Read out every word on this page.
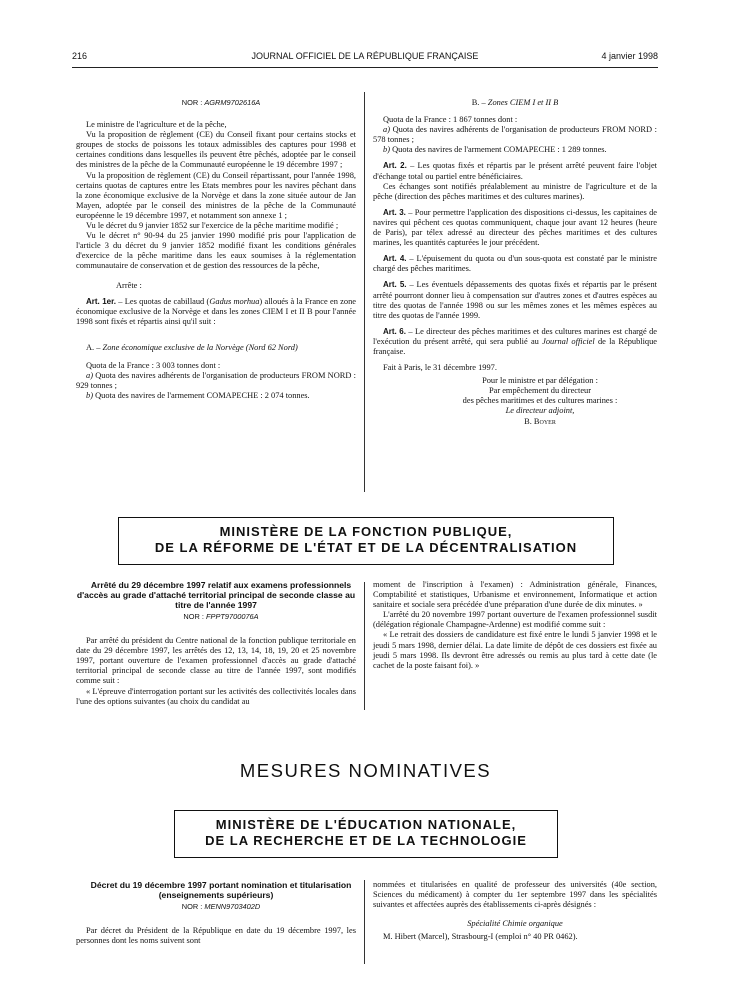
216	JOURNAL OFFICIEL DE LA RÉPUBLIQUE FRANÇAISE	4 janvier 1998

NOR : AGRM9702616A

Le ministre de l'agriculture et de la pêche,

Vu la proposition de règlement (CE) du Conseil fixant pour certains stocks et groupes de stocks de poissons les totaux admissibles des captures pour 1998 et certaines conditions dans lesquelles ils peuvent être pêchés, adoptée par le conseil des ministres de la pêche de la Communauté européenne le 19 décembre 1997 ;

Vu la proposition de règlement (CE) du Conseil répartissant, pour l'année 1998, certains quotas de captures entre les Etats membres pour les navires pêchant dans la zone économique exclusive de la Norvège et dans la zone située autour de Jan Mayen, adoptée par le conseil des ministres de la pêche de la Communauté européenne le 19 décembre 1997, et notamment son annexe 1 ;

Vu le décret du 9 janvier 1852 sur l'exercice de la pêche maritime modifié ;

Vu le décret n° 90-94 du 25 janvier 1990 modifié pris pour l'application de l'article 3 du décret du 9 janvier 1852 modifié fixant les conditions générales d'exercice de la pêche maritime dans les eaux soumises à la réglementation communautaire de conservation et de gestion des ressources de la pêche,

Arrête :

Art. 1er. – Les quotas de cabillaud (Gadus morhua) alloués à la France en zone économique exclusive de la Norvège et dans les zones CIEM I et II B pour l'année 1998 sont fixés et répartis ainsi qu'il suit :

A. – Zone économique exclusive de la Norvège (Nord 62 Nord)

Quota de la France : 3 003 tonnes dont :

a) Quota des navires adhérents de l'organisation de producteurs FROM NORD : 929 tonnes ;

b) Quota des navires de l'armement COMAPECHE : 2 074 tonnes.

B. – Zones CIEM I et II B

Quota de la France : 1 867 tonnes dont :

a) Quota des navires adhérents de l'organisation de producteurs FROM NORD : 578 tonnes ;

b) Quota des navires de l'armement COMAPECHE : 1 289 tonnes.

Art. 2. – Les quotas fixés et répartis par le présent arrêté peuvent faire l'objet d'échange total ou partiel entre bénéficiaires.

Ces échanges sont notifiés préalablement au ministre de l'agriculture et de la pêche (direction des pêches maritimes et des cultures marines).

Art. 3. – Pour permettre l'application des dispositions ci-dessus, les capitaines de navires qui pêchent ces quotas communiquent, chaque jour avant 12 heures (heure de Paris), par télex adressé au directeur des pêches maritimes et des cultures marines, les quantités capturées le jour précédent.

Art. 4. – L'épuisement du quota ou d'un sous-quota est constaté par le ministre chargé des pêches maritimes.

Art. 5. – Les éventuels dépassements des quotas fixés et répartis par le présent arrêté pourront donner lieu à compensation sur d'autres zones et d'autres espèces au titre des quotas de l'année 1998 ou sur les mêmes zones et les mêmes espèces au titre des quotas de l'année 1999.

Art. 6. – Le directeur des pêches maritimes et des cultures marines est chargé de l'exécution du présent arrêté, qui sera publié au Journal officiel de la République française.

Fait à Paris, le 31 décembre 1997.

Pour le ministre et par délégation :

Par empêchement du directeur

des pêches maritimes et des cultures marines :

Le directeur adjoint,

B. Boyer

MINISTÈRE DE LA FONCTION PUBLIQUE,
DE LA RÉFORME DE L'ÉTAT ET DE LA DÉCENTRALISATION

Arrêté du 29 décembre 1997 relatif aux examens professionnels d'accès au grade d'attaché territorial principal de seconde classe au titre de l'année 1997

NOR : FPPT9700076A

Par arrêté du président du Centre national de la fonction publique territoriale en date du 29 décembre 1997, les arrêtés des 12, 13, 14, 18, 19, 20 et 25 novembre 1997, portant ouverture de l'examen professionnel d'accès au grade d'attaché territorial principal de seconde classe au titre de l'année 1997, sont modifiés comme suit :

« L'épreuve d'interrogation portant sur les activités des collectivités locales dans l'une des options suivantes (au choix du candidat au

moment de l'inscription à l'examen) : Administration générale, Finances, Comptabilité et statistiques, Urbanisme et environnement, Informatique et action sanitaire et sociale sera précédée d'une préparation d'une durée de dix minutes. »

L'arrêté du 20 novembre 1997 portant ouverture de l'examen professionnel susdit (délégation régionale Champagne-Ardenne) est modifié comme suit :

« Le retrait des dossiers de candidature est fixé entre le lundi 5 janvier 1998 et le jeudi 5 mars 1998, dernier délai. La date limite de dépôt de ces dossiers est fixée au jeudi 5 mars 1998. Ils devront être adressés ou remis au plus tard à cette date (le cachet de la poste faisant foi). »

MESURES NOMINATIVES
MINISTÈRE DE L'ÉDUCATION NATIONALE,
DE LA RECHERCHE ET DE LA TECHNOLOGIE

Décret du 19 décembre 1997 portant nomination et titularisation (enseignements supérieurs)

NOR : MENN9703402D

Par décret du Président de la République en date du 19 décembre 1997, les personnes dont les noms suivent sont

nommées et titularisées en qualité de professeur des universités (40e section, Sciences du médicament) à compter du 1er septembre 1997 dans les spécialités suivantes et affectées auprès des établissements ci-après désignés :

Spécialité Chimie organique

M. Hibert (Marcel), Strasbourg-I (emploi n° 40 PR 0462).
